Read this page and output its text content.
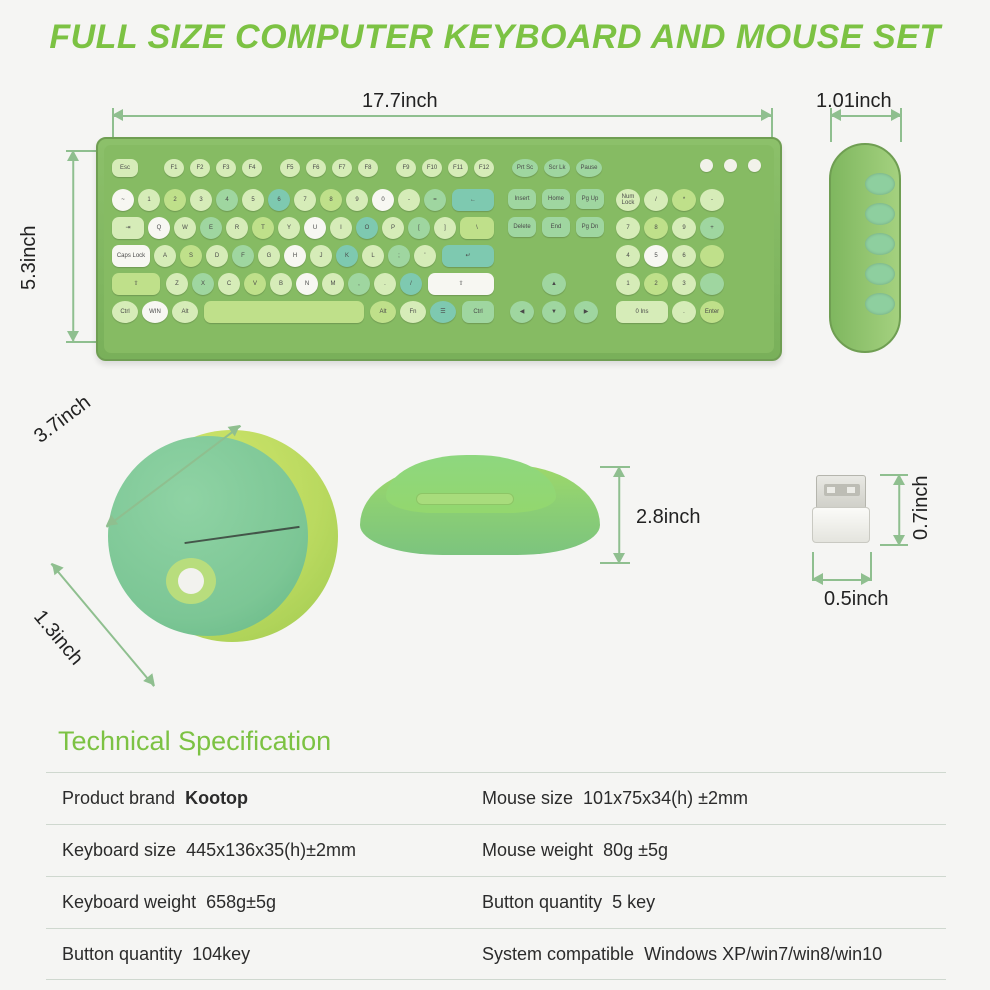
FULL SIZE COMPUTER KEYBOARD AND MOUSE SET
17.7inch
5.3inch
Esc	F1	F2	F3	F4	F5	F6	F7	F8	F9	F10	F11	F12	Prt Sc	Scr Lk	Pause
~	1	2	3	4	5	6	7	8	9	0	-	=	←	Insert	Home	Pg Up	Num Lock
/	*	-
⇥	Q	W	E	R	T	Y	U	I	O	P	[	]	\	Delete	End	Pg Dn	7	8	9	+
Caps Lock	A	S	D	F	G	H	J	K	L	;	'	↵	4	5	6
⇧	Z	X	C	V	B	N	M	,	.	/	⇧	▲	1	2	3
Ctrl	WIN	Alt	Alt	Fn	☰	Ctrl	◀	▼	▶	0 Ins	.	Enter
1.01inch
3.7inch
1.3inch
2.8inch	0.7inch
0.5inch
Technical Specification
Product brand Kootop	Mouse size 101x75x34(h) ±2mm
Keyboard size 445x136x35(h)±2mm	Mouse weight 80g ±5g
Keyboard weight 658g±5g	Button quantity 5 key
Button quantity 104key	System compatible Windows XP/win7/win8/win10
